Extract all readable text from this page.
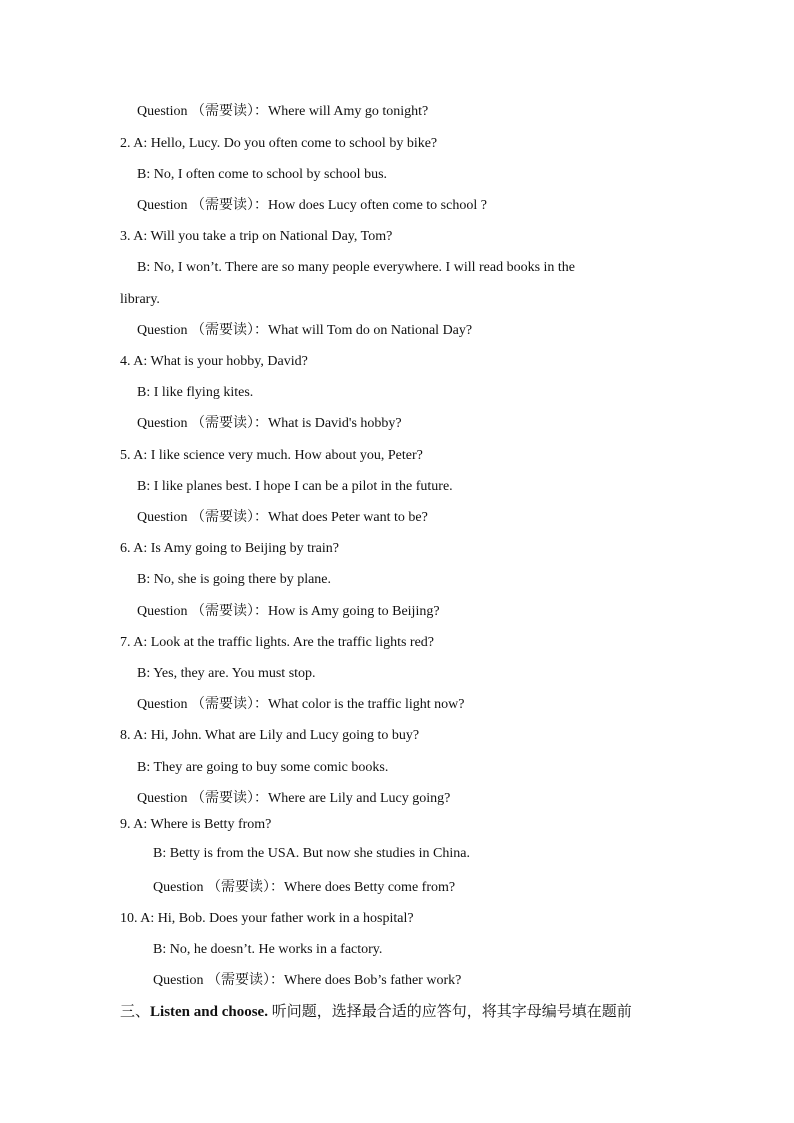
Question （需要读）：Where will Amy go tonight?
2. A: Hello, Lucy. Do you often come to school by bike?
B: No, I often come to school by school bus.
Question （需要读）：How does Lucy often come to school ?
3. A: Will you take a trip on National Day, Tom?
B: No, I won’t. There are so many people everywhere. I will read books in the
library.
Question （需要读）：What will Tom do on National Day?
4. A: What is your hobby, David?
B: I like flying kites.
Question （需要读）：What is David's hobby?
5. A: I like science very much. How about you, Peter?
B: I like planes best. I hope I can be a pilot in the future.
Question （需要读）：What does Peter want to be?
6. A: Is Amy going to Beijing by train?
B: No, she is going there by plane.
Question （需要读）：How is Amy going to Beijing?
7. A: Look at the traffic lights. Are the traffic lights red?
B: Yes, they are. You must stop.
Question （需要读）：What color is the traffic light now?
8. A: Hi, John. What are Lily and Lucy going to buy?
B: They are going to buy some comic books.
Question （需要读）：Where are Lily and Lucy going?
9. A: Where is Betty from?
B: Betty is from the USA. But now she studies in China.
Question （需要读）：Where does Betty come from?
10. A: Hi, Bob. Does your father work in a hospital?
B: No, he doesn’t. He works in a factory.
Question （需要读）：Where does Bob’s father work?
三、Listen and choose. 听问题，选择最合适的应答句，将其字母编号填在题前
